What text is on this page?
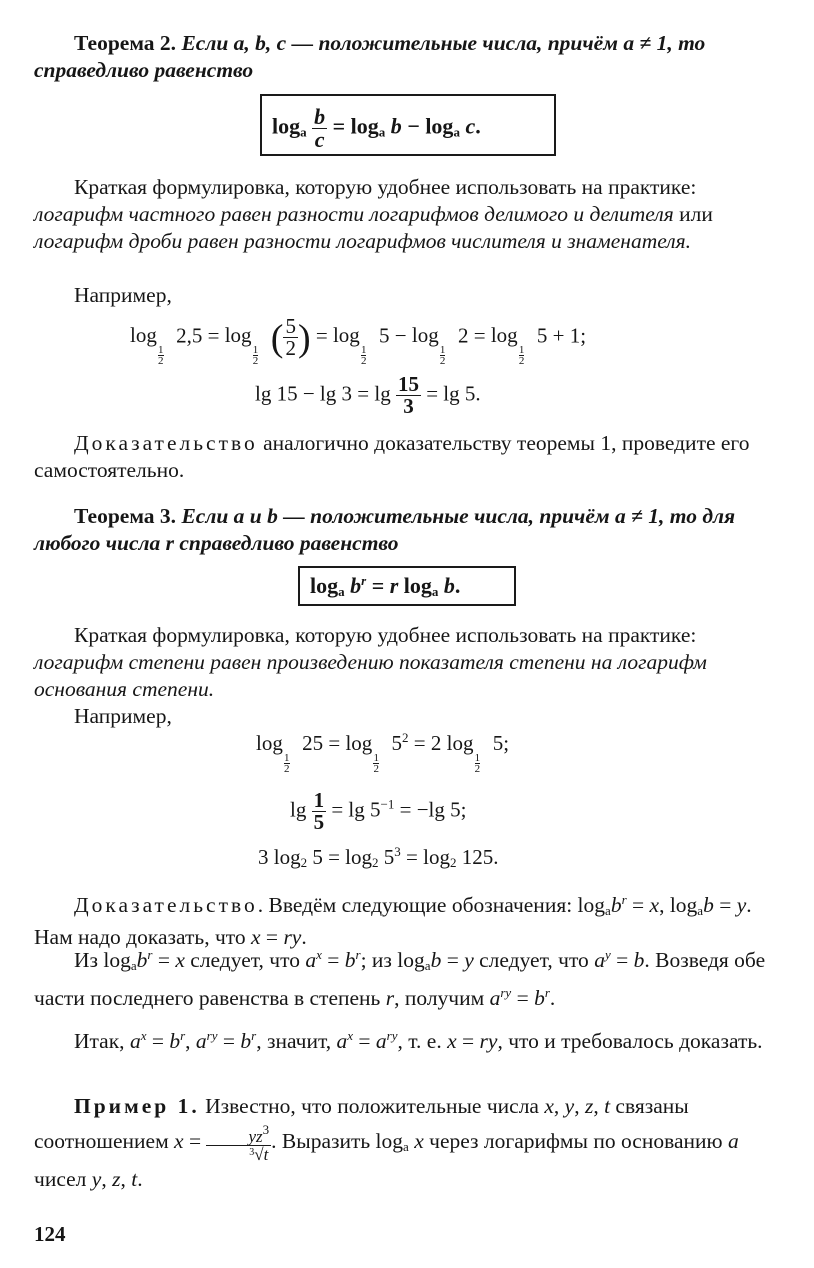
Теорема 2. Если a, b, c — положительные числа, причём a ≠ 1, то справедливо равенство
$\log_a \frac{b}{c} = \log_a b - \log_a c$.
Краткая формулировка, которую удобнее использовать на практике: логарифм частного равен разности логарифмов делимого и делителя или логарифм дроби равен разности логарифмов числителя и знаменателя.
Например,
log
1
2
2,5 = log
1
2
( $\frac{5}{2}$ ) = log
1
2
5 − log
1
2
2 = log
1
2
5 + 1;
$\lg 15 - \lg 3 = \lg \frac{15}{3} = \lg 5$.
Доказательство аналогично доказательству теоремы 1, проведите его самостоятельно.
Теорема 3. Если a и b — положительные числа, причём a ≠ 1, то для любого числа r справедливо равенство
$\log_a b^r = r$ $\log_a b$.
Краткая формулировка, которую удобнее использовать на практике: логарифм степени равен произведению показателя степени на логарифм основания степени.
Например,
log
1
2
25 = log
1
2
$5^2 = 2$ log
1
2
5;
$\lg \frac{1}{5} = \lg 5^{-1} = -\lg$ 5;
3 $\log_2 5 = \log_2 5^3 = \log_2 125$.
Доказательство. Введём следующие обозначения: $\log_ab^r = x$, $\log_ab = y$. Нам надо доказать, что x = ry.
Из $\log_ab^r = x$ следует, что $a^x = b^r$; из $\log_ab = y$ следует, что $a^y = b$. Возведя обе части последнего равенства в степень r, получим $a^{ry} = b^r$.
Итак, $a^x = b^r$, $a^{ry} = b^r$, значит, $a^x = a^{ry}$, т. е. x = ry, что и требовалось доказать.
Пример 1. Известно, что положительные числа x, y, z, t связаны соотношением $x = \frac{yz^3}{^3√t}$ . Выразить $\log_a x$ через логарифмы по основанию a чисел y, z, t.
124
